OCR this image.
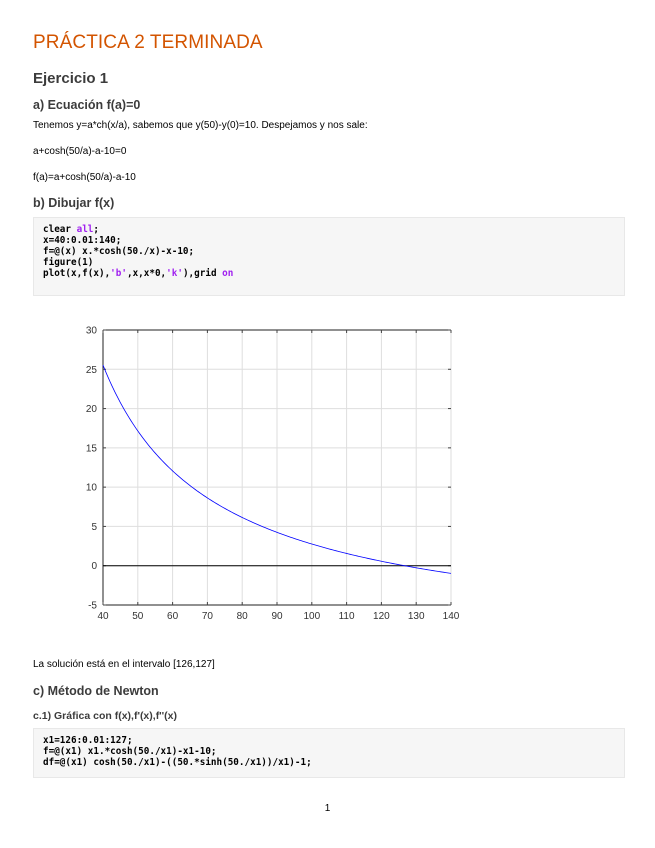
PRÁCTICA 2 TERMINADA
Ejercicio 1
a) Ecuación f(a)=0
Tenemos y=a*ch(x/a), sabemos que y(50)-y(0)=10. Despejamos y nos sale:
a+cosh(50/a)-a-10=0
f(a)=a+cosh(50/a)-a-10
b) Dibujar f(x)
clear all;
x=40:0.01:140;
f=@(x) x.*cosh(50./x)-x-10;
figure(1)
plot(x,f(x),'b',x,x*0,'k'),grid on
40 50 60 70 80 90 100 110 120 130 140
-5
0
5
10
15
20
25
30
La solución está en el intervalo [126,127]
c) Método de Newton
c.1) Gráfica con f(x),f'(x),f''(x)
x1=126:0.01:127;
f=@(x1) x1.*cosh(50./x1)-x1-10;
df=@(x1) cosh(50./x1)-((50.*sinh(50./x1))/x1)-1;
1
